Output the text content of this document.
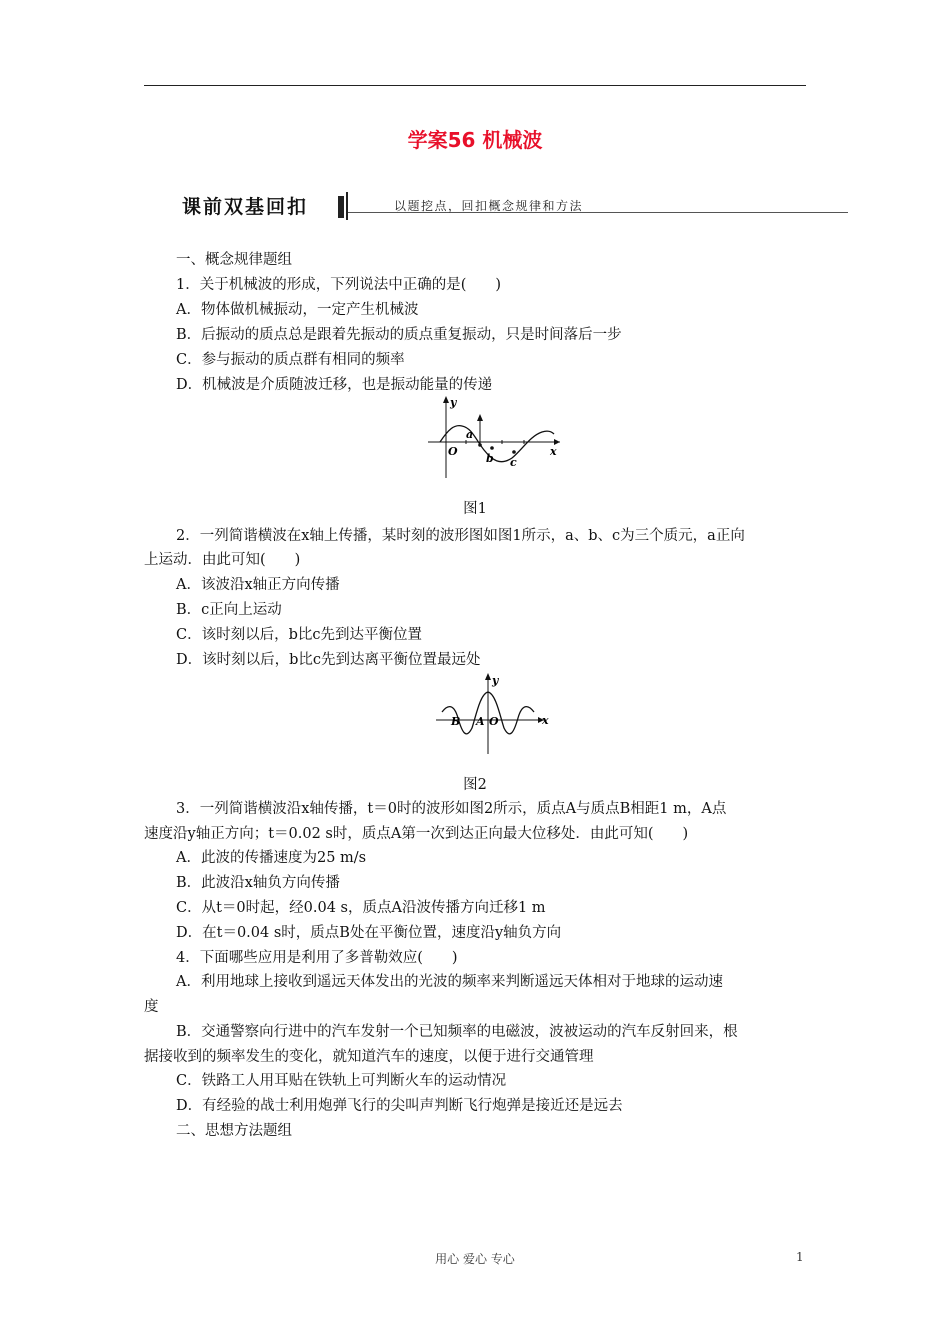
学案56 机械波
课前双基回扣	以题挖点，回扣概念规律和方法
一、概念规律题组
1．关于机械波的形成，下列说法中正确的是(　　)
A．物体做机械振动，一定产生机械波
B．后振动的质点总是跟着先振动的质点重复振动，只是时间落后一步
C．参与振动的质点群有相同的频率
D．机械波是介质随波迁移，也是振动能量的传递
y
x
O
a
b c
图1
2．一列简谐横波在x轴上传播，某时刻的波形图如图1所示，a、b、c为三个质元，a正向
上运动．由此可知(　　)
A．该波沿x轴正方向传播
B．c正向上运动
C．该时刻以后，b比c先到达平衡位置
D．该时刻以后，b比c先到达离平衡位置最远处
y
x
B A O
图2
3．一列简谐横波沿x轴传播，t＝0时的波形如图2所示，质点A与质点B相距1 m，A点
速度沿y轴正方向；t＝0.02 s时，质点A第一次到达正向最大位移处．由此可知(　　)
A．此波的传播速度为25 m/s
B．此波沿x轴负方向传播
C．从t＝0时起，经0.04 s，质点A沿波传播方向迁移1 m
D．在t＝0.04 s时，质点B处在平衡位置，速度沿y轴负方向
4．下面哪些应用是利用了多普勒效应(　　)
A．利用地球上接收到遥远天体发出的光波的频率来判断遥远天体相对于地球的运动速
度
B．交通警察向行进中的汽车发射一个已知频率的电磁波，波被运动的汽车反射回来，根
据接收到的频率发生的变化，就知道汽车的速度，以便于进行交通管理
C．铁路工人用耳贴在铁轨上可判断火车的运动情况
D．有经验的战士利用炮弹飞行的尖叫声判断飞行炮弹是接近还是远去
二、思想方法题组
用心 爱心 专心	1
